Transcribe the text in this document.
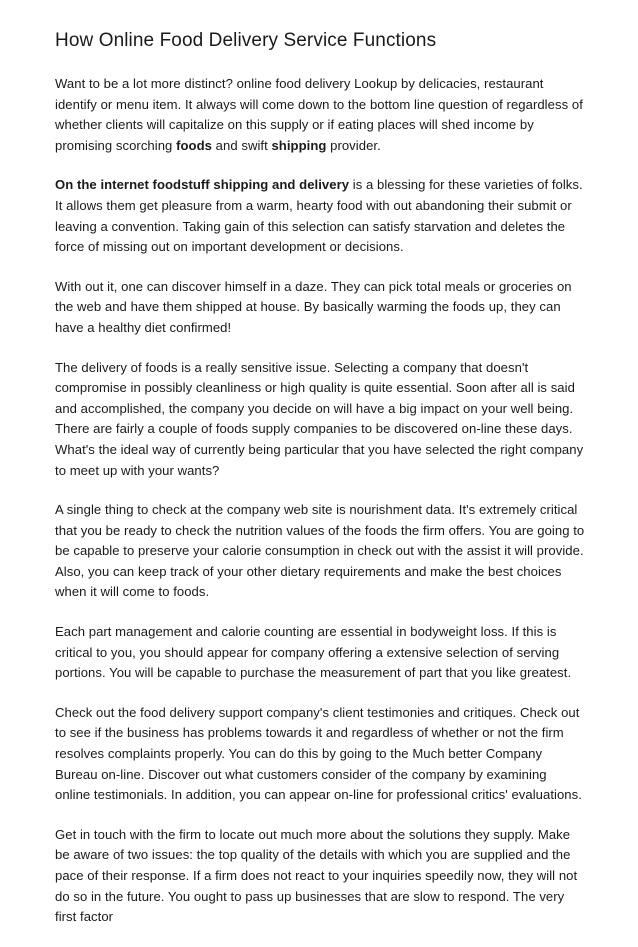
How Online Food Delivery Service Functions

Want to be a lot more distinct? online food delivery Lookup by delicacies, restaurant identify or menu item. It always will come down to the bottom line question of regardless of whether clients will capitalize on this supply or if eating places will shed income by promising scorching foods and swift shipping provider.

On the internet foodstuff shipping and delivery is a blessing for these varieties of folks. It allows them get pleasure from a warm, hearty food with out abandoning their submit or leaving a convention. Taking gain of this selection can satisfy starvation and deletes the force of missing out on important development or decisions.

With out it, one can discover himself in a daze. They can pick total meals or groceries on the web and have them shipped at house. By basically warming the foods up, they can have a healthy diet confirmed!

The delivery of foods is a really sensitive issue. Selecting a company that doesn't compromise in possibly cleanliness or high quality is quite essential. Soon after all is said and accomplished, the company you decide on will have a big impact on your well being. There are fairly a couple of foods supply companies to be discovered on-line these days. What's the ideal way of currently being particular that you have selected the right company to meet up with your wants?

A single thing to check at the company web site is nourishment data. It's extremely critical that you be ready to check the nutrition values of the foods the firm offers. You are going to be capable to preserve your calorie consumption in check out with the assist it will provide. Also, you can keep track of your other dietary requirements and make the best choices when it will come to foods.

Each part management and calorie counting are essential in bodyweight loss. If this is critical to you, you should appear for company offering a extensive selection of serving portions. You will be capable to purchase the measurement of part that you like greatest.

Check out the food delivery support company's client testimonies and critiques. Check out to see if the business has problems towards it and regardless of whether or not the firm resolves complaints properly. You can do this by going to the Much better Company Bureau on-line. Discover out what customers consider of the company by examining online testimonials. In addition, you can appear on-line for professional critics' evaluations.

Get in touch with the firm to locate out much more about the solutions they supply. Make be aware of two issues: the top quality of the details with which you are supplied and the pace of their response. If a firm does not react to your inquiries speedily now, they will not do so in the future. You ought to pass up businesses that are slow to respond. The very first factor
